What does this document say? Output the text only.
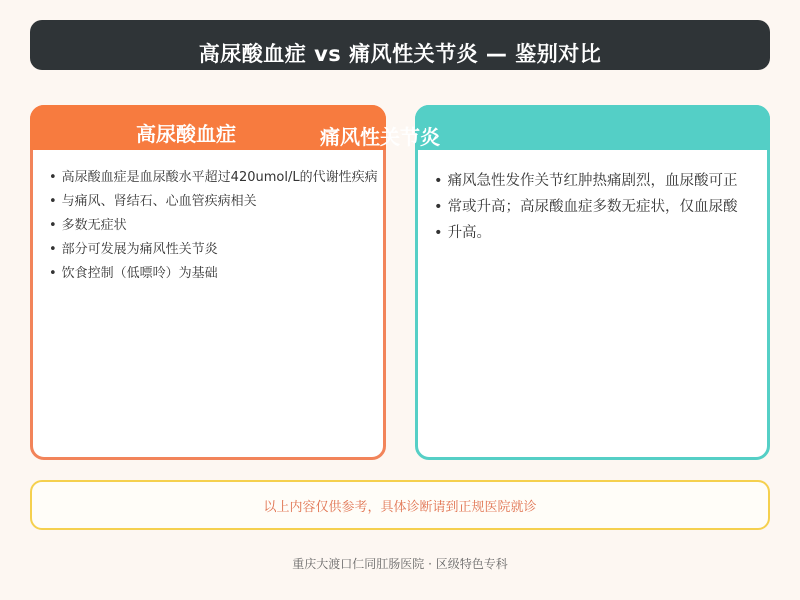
高尿酸血症 vs 痛风性关节炎 — 鉴别对比
高尿酸血症
• 高尿酸血症是血尿酸水平超过420umol/L的代谢性疾病
• 与痛风、肾结石、心血管疾病相关
• 多数无症状
• 部分可发展为痛风性关节炎
• 饮食控制（低嘌呤）为基础
痛风性关节炎
• 痛风急性发作关节红肿热痛剧烈，血尿酸可正
• 常或升高；高尿酸血症多数无症状，仅血尿酸
• 升高。
以上内容仅供参考，具体诊断请到正规医院就诊
重庆大渡口仁同肛肠医院 · 区级特色专科
